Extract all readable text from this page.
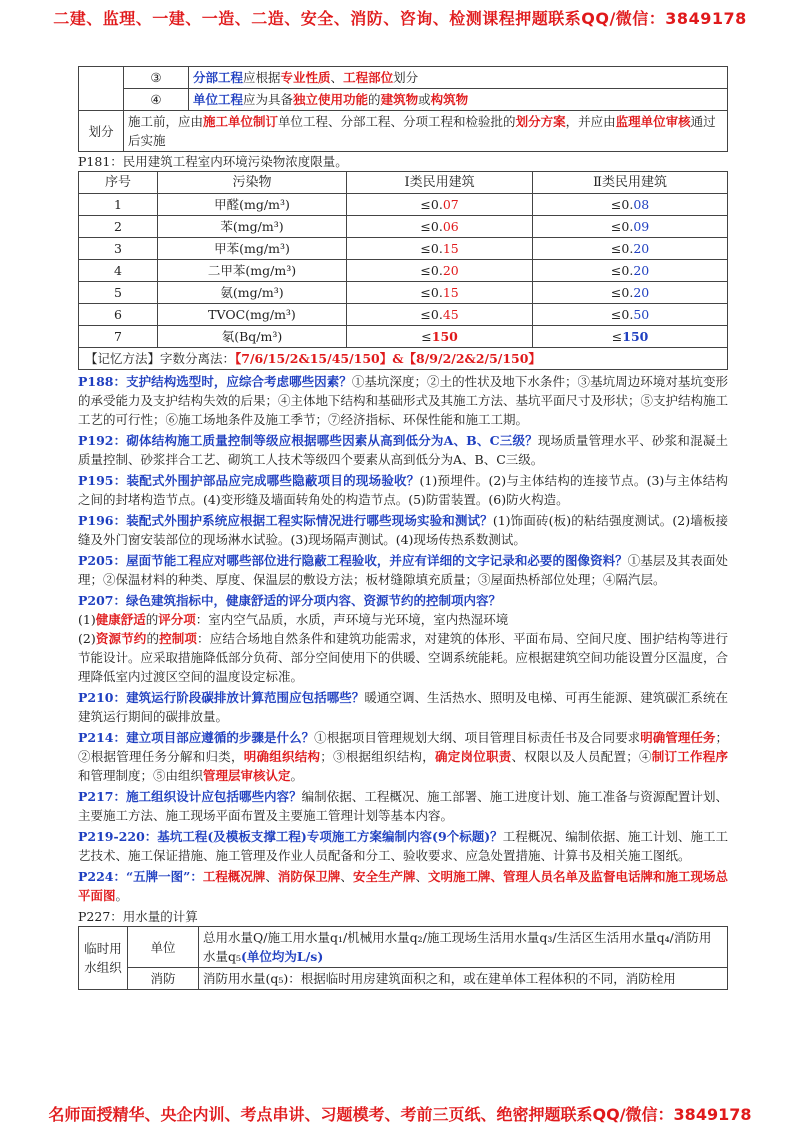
二建、监理、一建、一造、二造、安全、消防、咨询、检测课程押题联系QQ/微信：3849178
	③	分部工程应根据专业性质、工程部位划分
	④	单位工程应为具备独立使用功能的建筑物或构筑物
划分	施工前，应由施工单位制订单位工程、分部工程、分项工程和检验批的划分方案，并应由监理单位审核通过后实施	

P181：民用建筑工程室内环境污染物浓度限量。

序号	污染物	Ⅰ类民用建筑	Ⅱ类民用建筑
1	甲醛(mg/m³)	≤0.07	≤0.08
2	苯(mg/m³)	≤0.06	≤0.09
3	甲苯(mg/m³)	≤0.15	≤0.20
4	二甲苯(mg/m³)	≤0.20	≤0.20
5	氨(mg/m³)	≤0.15	≤0.20
6	TVOC(mg/m³)	≤0.45	≤0.50
7	氡(Bq/m³)	≤150	≤150
【记忆方法】字数分离法：【7/6/15/2&15/45/150】&【8/9/2/2&2/5/150】

P188：支护结构选型时，应综合考虑哪些因素？①基坑深度；②土的性状及地下水条件；③基坑周边环境对基坑变形的承受能力及支护结构失效的后果；④主体地下结构和基础形式及其施工方法、基坑平面尺寸及形状；⑤支护结构施工工艺的可行性；⑥施工场地条件及施工季节；⑦经济指标、环保性能和施工工期。

P192：砌体结构施工质量控制等级应根据哪些因素从高到低分为A、B、C三级？现场质量管理水平、砂浆和混凝土质量控制、砂浆拌合工艺、砌筑工人技术等级四个要素从高到低分为A、B、C三级。

P195：装配式外围护部品应完成哪些隐蔽项目的现场验收？(1)预埋件。(2)与主体结构的连接节点。(3)与主体结构之间的封堵构造节点。(4)变形缝及墙面转角处的构造节点。(5)防雷装置。(6)防火构造。

P196：装配式外围护系统应根据工程实际情况进行哪些现场实验和测试？(1)饰面砖(板)的粘结强度测试。(2)墙板接缝及外门窗安装部位的现场淋水试验。(3)现场隔声测试。(4)现场传热系数测试。

P205：屋面节能工程应对哪些部位进行隐蔽工程验收，并应有详细的文字记录和必要的图像资料？①基层及其表面处理；②保温材料的种类、厚度、保温层的敷设方法；板材缝隙填充质量；③屋面热桥部位处理；④隔汽层。

P207：绿色建筑指标中，健康舒适的评分项内容、资源节约的控制项内容？

(1)健康舒适的评分项：室内空气品质，水质，声环境与光环境，室内热湿环境

(2)资源节约的控制项：应结合场地自然条件和建筑功能需求，对建筑的体形、平面布局、空间尺度、围护结构等进行节能设计。应采取措施降低部分负荷、部分空间使用下的供暖、空调系统能耗。应根据建筑空间功能设置分区温度，合理降低室内过渡区空间的温度设定标准。

P210：建筑运行阶段碳排放计算范围应包括哪些？暖通空调、生活热水、照明及电梯、可再生能源、建筑碳汇系统在建筑运行期间的碳排放量。

P214：建立项目部应遵循的步骤是什么？①根据项目管理规划大纲、项目管理目标责任书及合同要求明确管理任务；②根据管理任务分解和归类，明确组织结构；③根据组织结构，确定岗位职责、权限以及人员配置；④制订工作程序和管理制度；⑤由组织管理层审核认定。

P217：施工组织设计应包括哪些内容？编制依据、工程概况、施工部署、施工进度计划、施工准备与资源配置计划、主要施工方法、施工现场平面布置及主要施工管理计划等基本内容。

P219-220：基坑工程(及模板支撑工程)专项施工方案编制内容(9个标题)？工程概况、编制依据、施工计划、施工工艺技术、施工保证措施、施工管理及作业人员配备和分工、验收要求、应急处置措施、计算书及相关施工图纸。

P224：“五牌一图”：工程概况牌、消防保卫牌、安全生产牌、文明施工牌、管理人员名单及监督电话牌和施工现场总平面图。

P227：用水量的计算

临时用水组织	单位	总用水量Q/施工用水量q₁/机械用水量q₂/施工现场生活用水量q₃/生活区生活用水量q₄/消防用水量q₅(单位均为L/s)
	消防	消防用水量(q₅)：根据临时用房建筑面积之和，或在建单体工程体积的不同，消防栓用
名师面授精华、央企内训、考点串讲、习题模考、考前三页纸、绝密押题联系QQ/微信：3849178
